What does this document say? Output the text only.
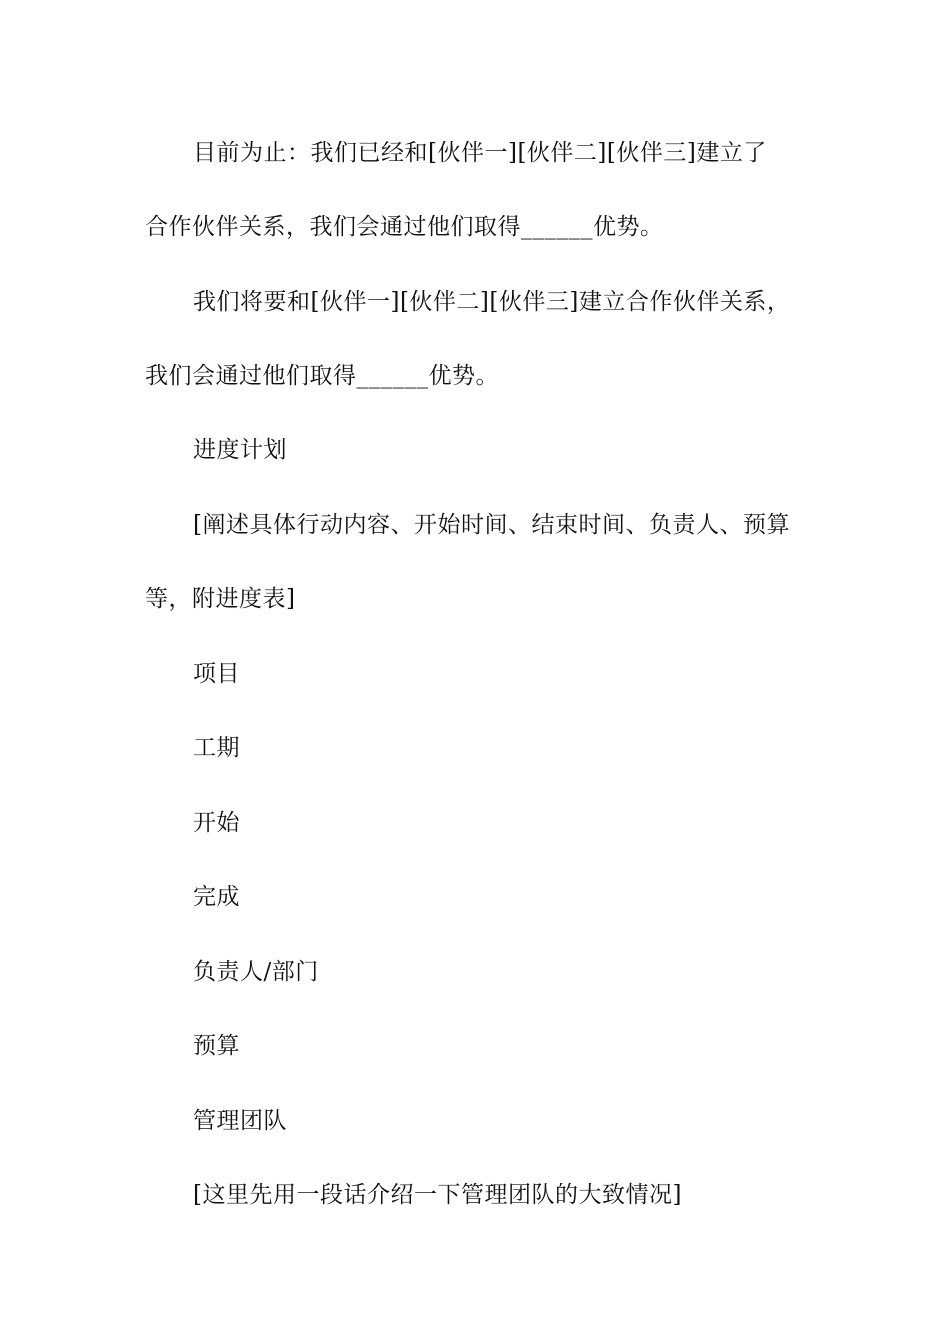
目前为止：我们已经和[伙伴一][伙伴二][伙伴三]建立了
合作伙伴关系，我们会通过他们取得______优势。
我们将要和[伙伴一][伙伴二][伙伴三]建立合作伙伴关系，
我们会通过他们取得______优势。
进度计划
[阐述具体行动内容、开始时间、结束时间、负责人、预算
等，附进度表]
项目
工期
开始
完成
负责人/部门
预算
管理团队
[这里先用一段话介绍一下管理团队的大致情况]
